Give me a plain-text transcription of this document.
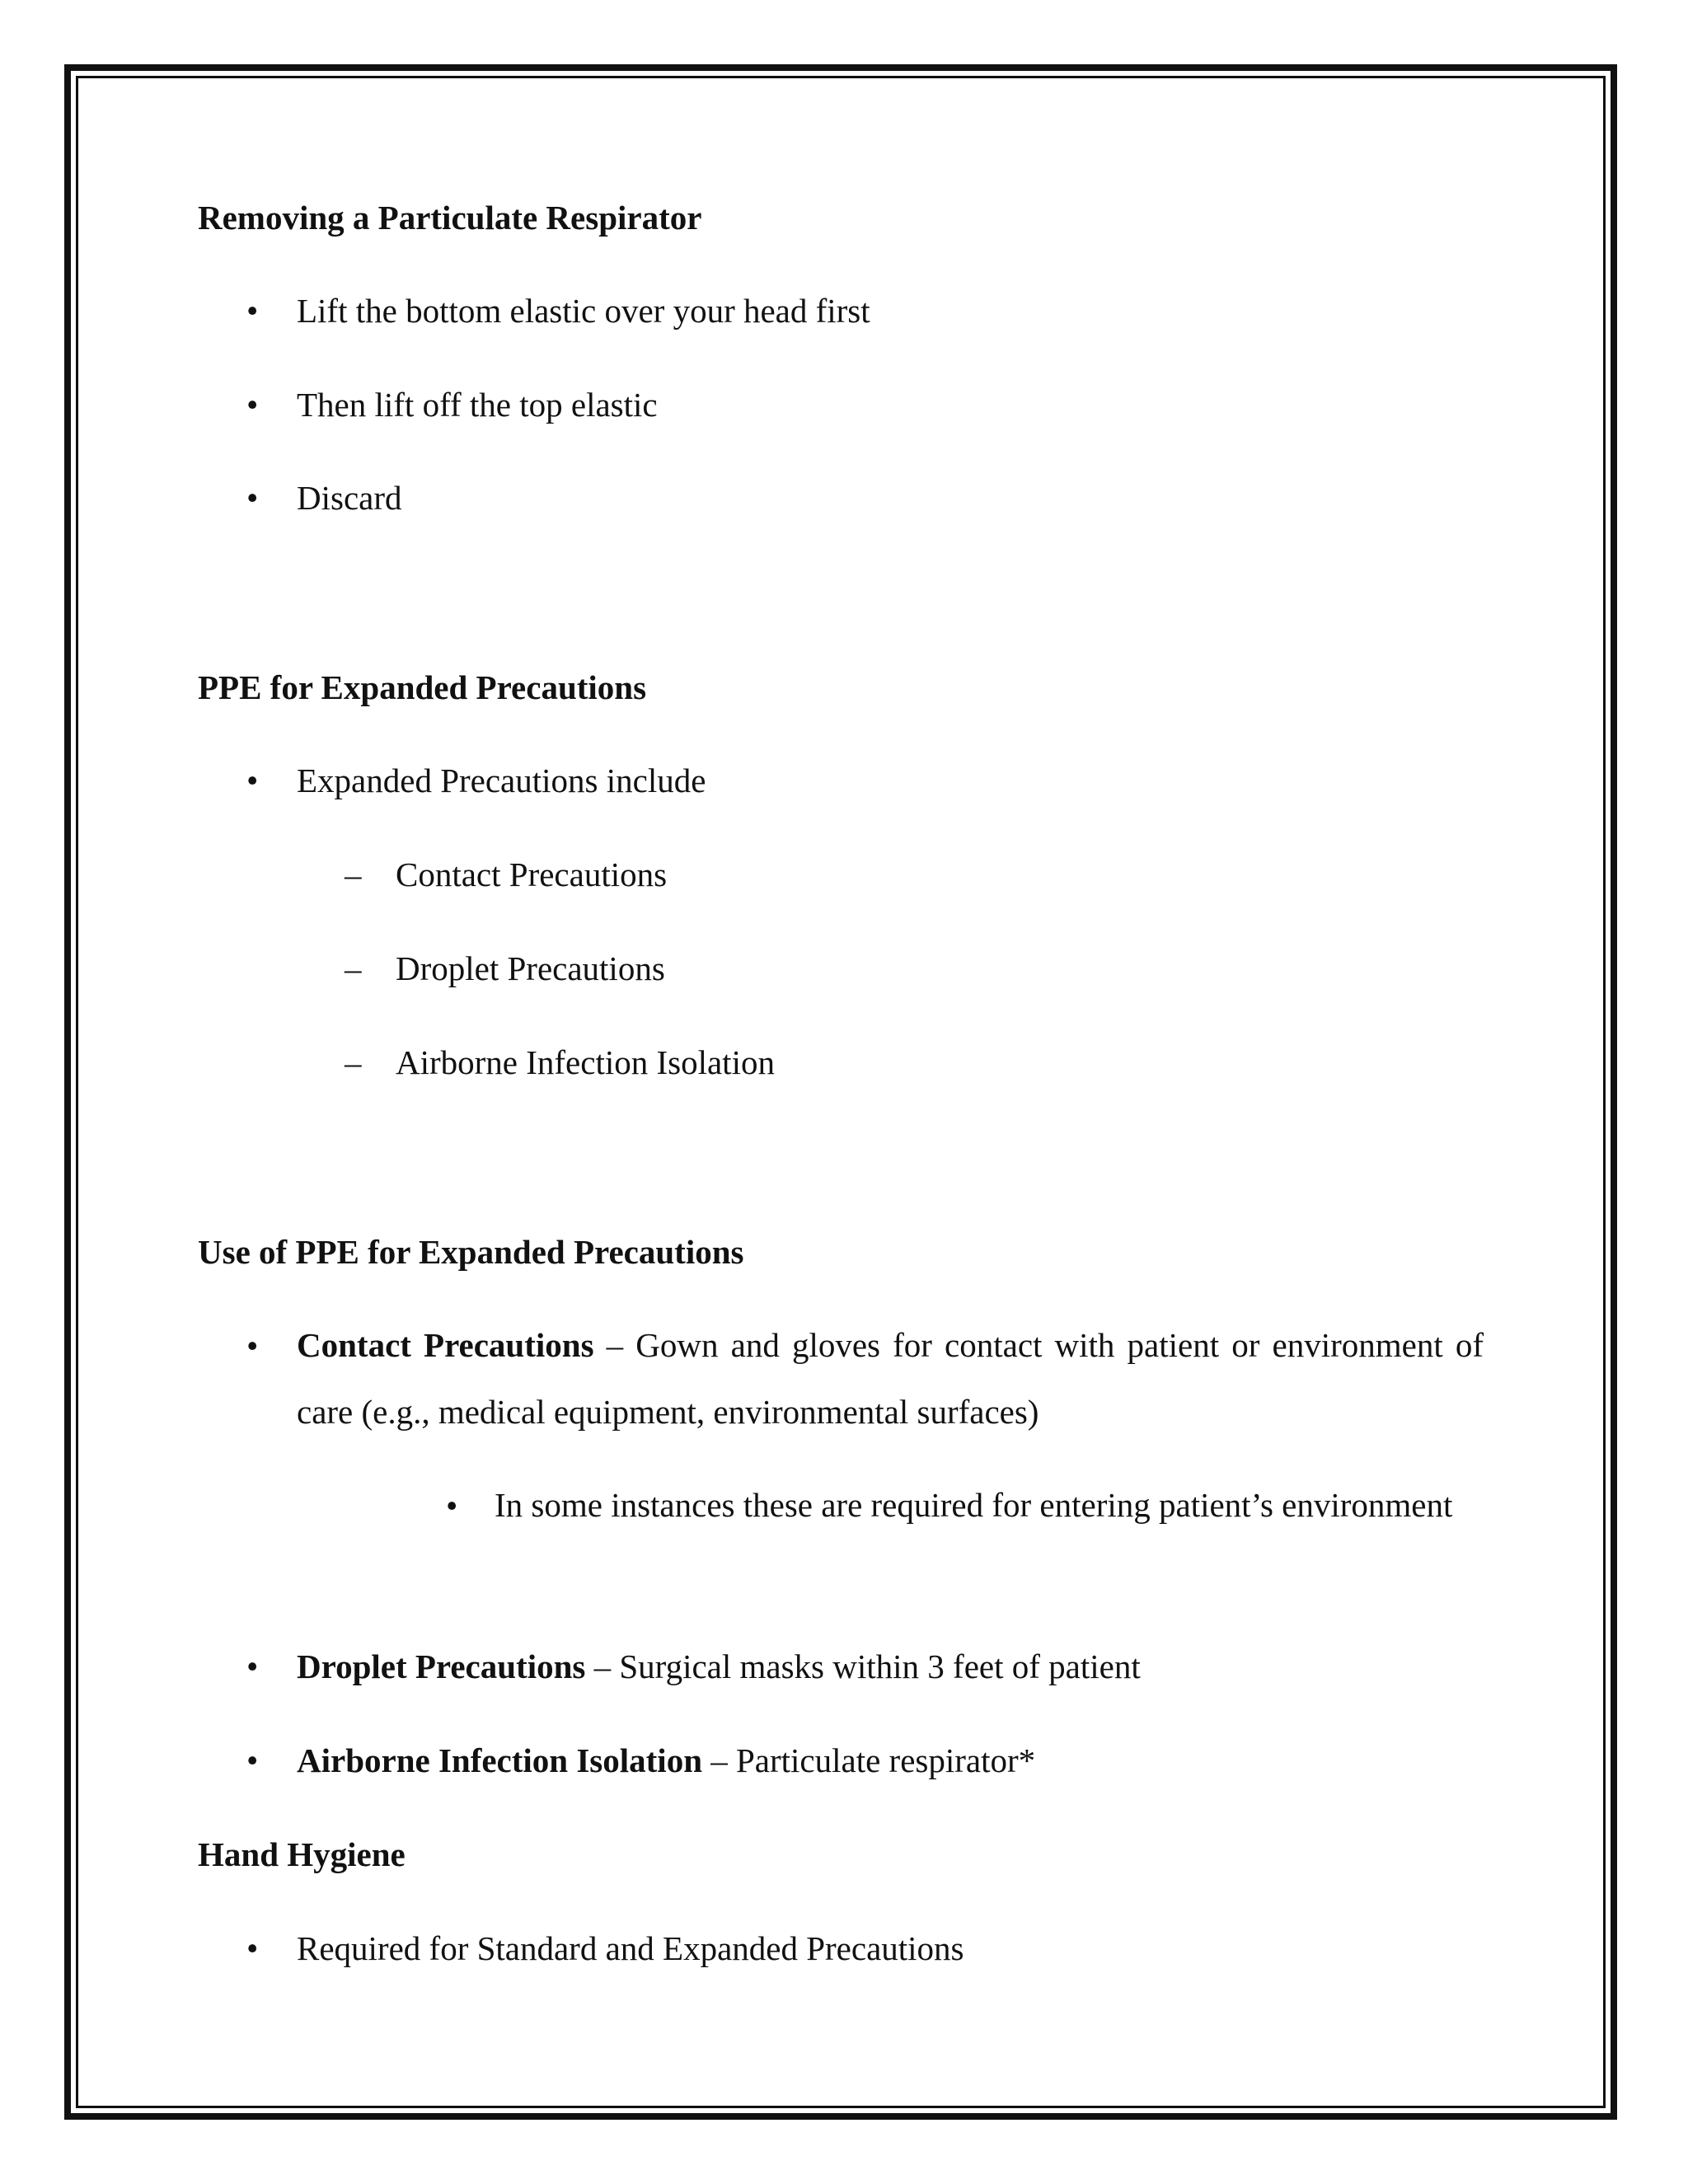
Removing a Particulate Respirator
• Lift the bottom elastic over your head first
• Then lift off the top elastic
• Discard
PPE for Expanded Precautions
• Expanded Precautions include
– Contact Precautions
– Droplet Precautions
– Airborne Infection Isolation
Use of PPE for Expanded Precautions
• Contact Precautions – Gown and gloves for contact with patient or environment of care (e.g., medical equipment, environmental surfaces)
• In some instances these are required for entering patient’s environment
• Droplet Precautions – Surgical masks within 3 feet of patient
• Airborne Infection Isolation – Particulate respirator*
Hand Hygiene
• Required for Standard and Expanded Precautions
